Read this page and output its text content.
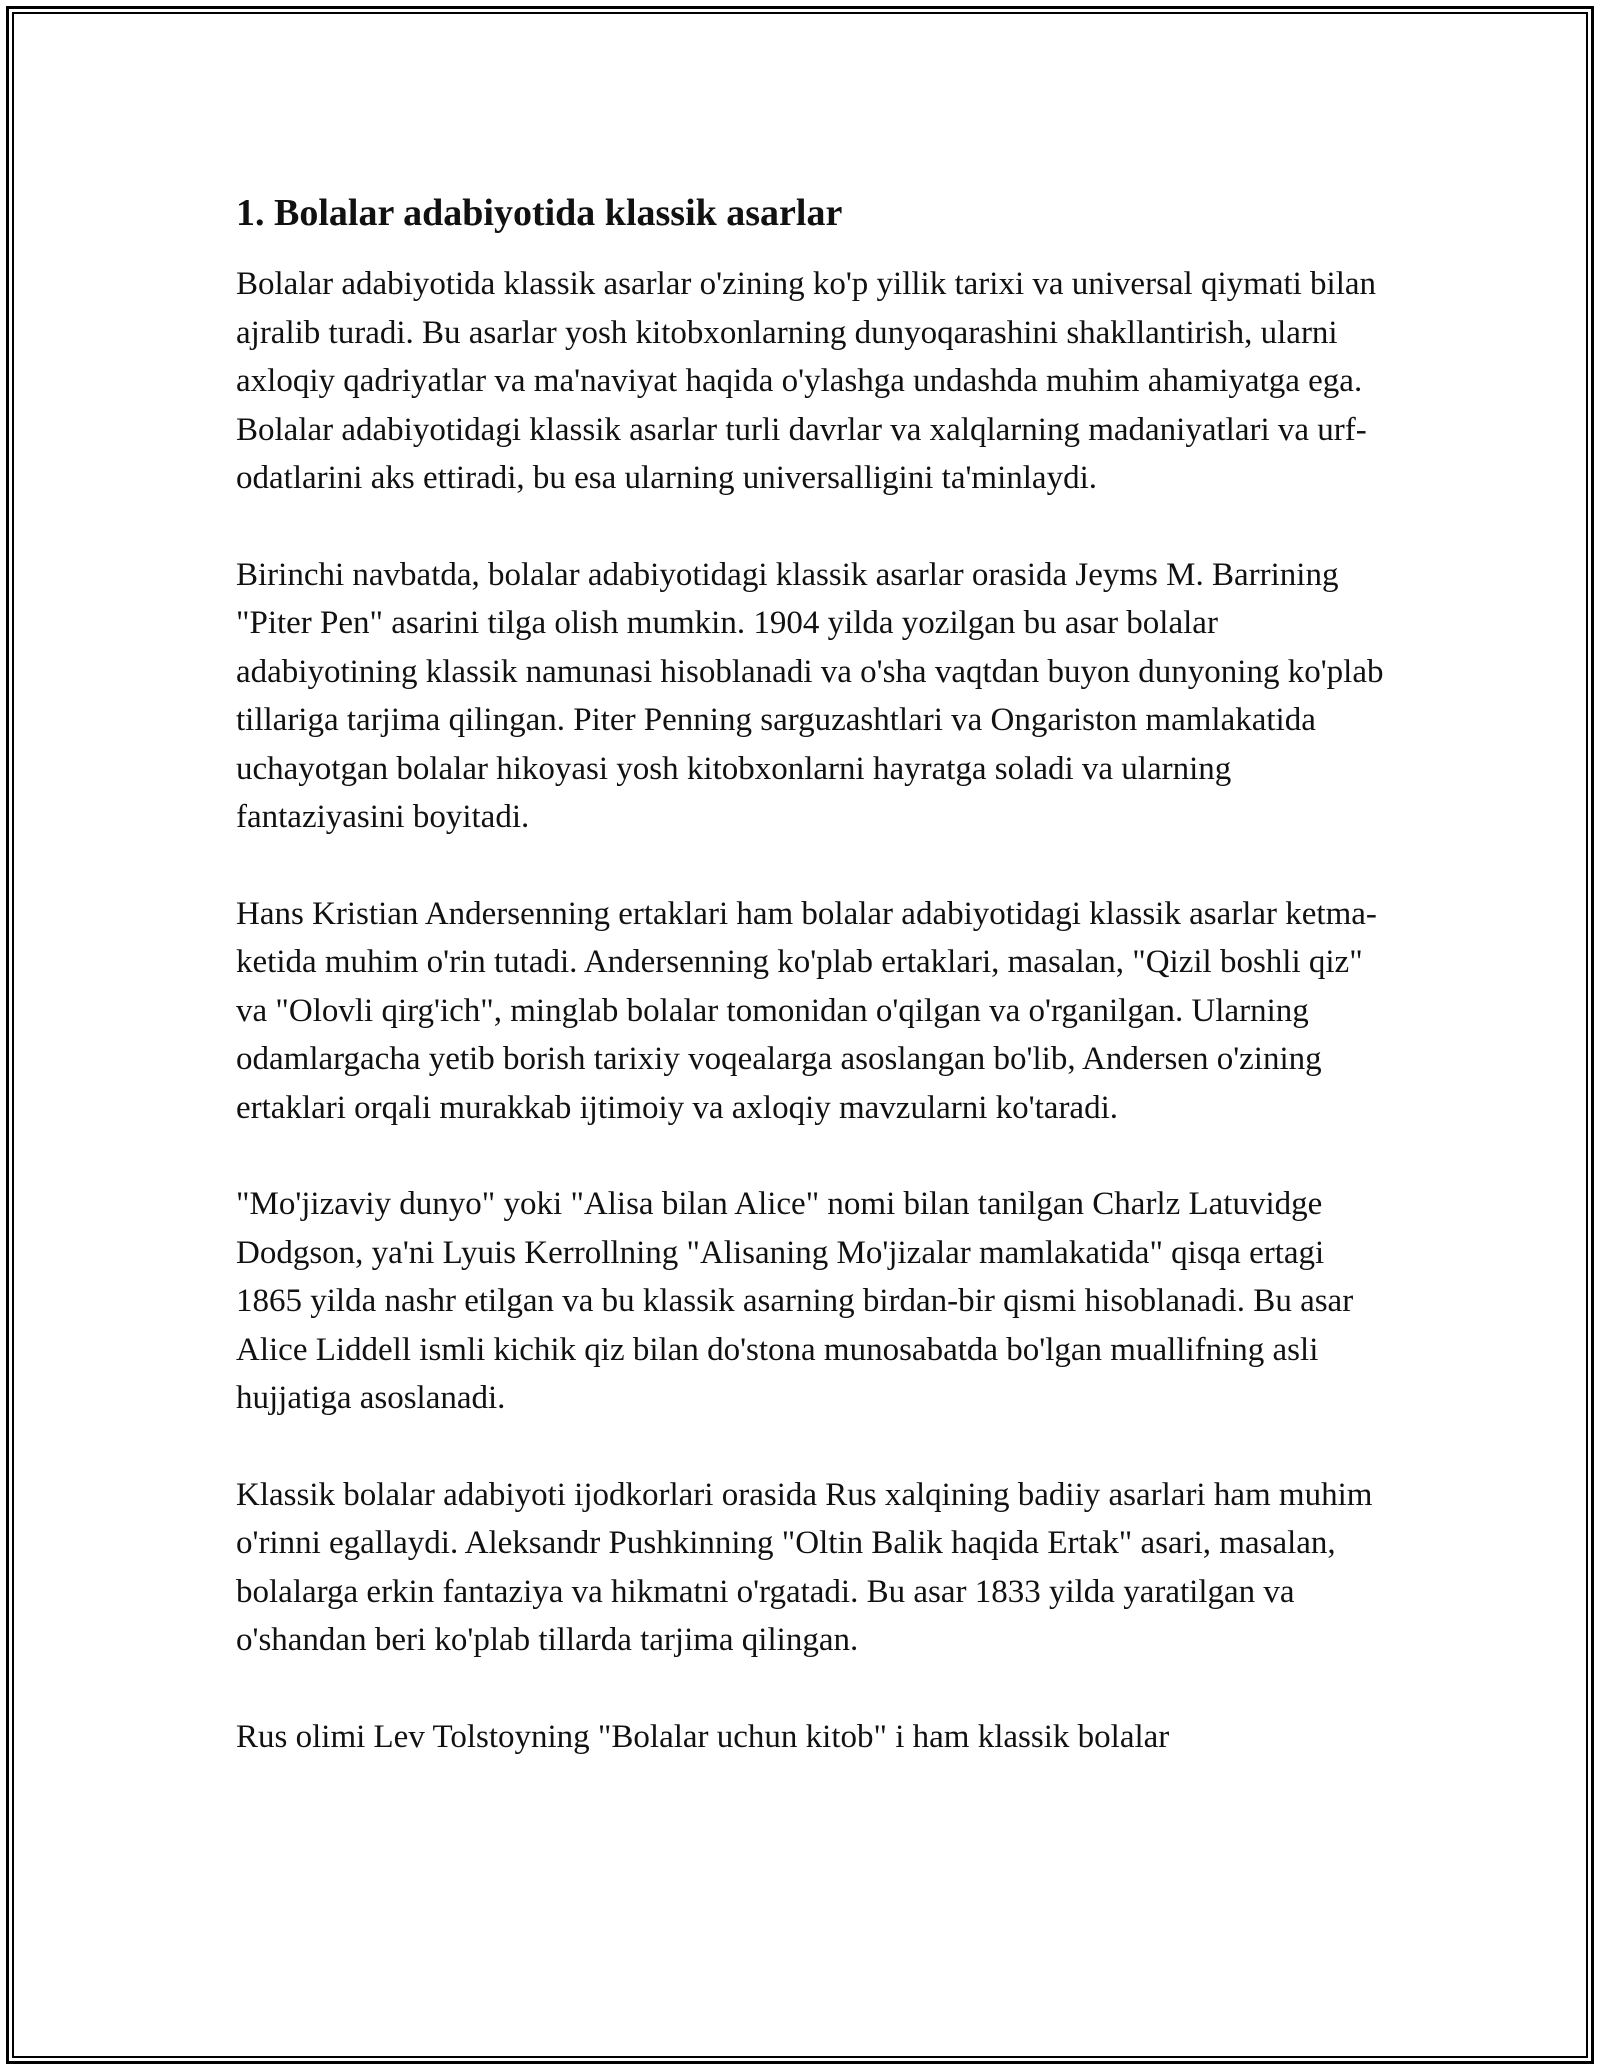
1. Bolalar adabiyotida klassik asarlar

Bolalar adabiyotida klassik asarlar o'zining ko'p yillik tarixi va universal qiymati bilan ajralib turadi. Bu asarlar yosh kitobxonlarning dunyoqarashini shakllantirish, ularni axloqiy qadriyatlar va ma'naviyat haqida o'ylashga undashda muhim ahamiyatga ega. Bolalar adabiyotidagi klassik asarlar turli davrlar va xalqlarning madaniyatlari va urf-odatlarini aks ettiradi, bu esa ularning universalligini ta'minlaydi.

Birinchi navbatda, bolalar adabiyotidagi klassik asarlar orasida Jeyms M. Barrining "Piter Pen" asarini tilga olish mumkin. 1904 yilda yozilgan bu asar bolalar adabiyotining klassik namunasi hisoblanadi va o'sha vaqtdan buyon dunyoning ko'plab tillariga tarjima qilingan. Piter Penning sarguzashtlari va Ongariston mamlakatida uchayotgan bolalar hikoyasi yosh kitobxonlarni hayratga soladi va ularning fantaziyasini boyitadi.

Hans Kristian Andersenning ertaklari ham bolalar adabiyotidagi klassik asarlar ketma-ketida muhim o'rin tutadi. Andersenning ko'plab ertaklari, masalan, "Qizil boshli qiz" va "Olovli qirg'ich", minglab bolalar tomonidan o'qilgan va o'rganilgan. Ularning odamlargacha yetib borish tarixiy voqealarga asoslangan bo'lib, Andersen o'zining ertaklari orqali murakkab ijtimoiy va axloqiy mavzularni ko'taradi.

"Mo'jizaviy dunyo" yoki "Alisa bilan Alice" nomi bilan tanilgan Charlz Latuvidge Dodgson, ya'ni Lyuis Kerrollning "Alisaning Mo'jizalar mamlakatida" qisqa ertagi 1865 yilda nashr etilgan va bu klassik asarning birdan-bir qismi hisoblanadi. Bu asar Alice Liddell ismli kichik qiz bilan do'stona munosabatda bo'lgan muallifning asli hujjatiga asoslanadi.

Klassik bolalar adabiyoti ijodkorlari orasida Rus xalqining badiiy asarlari ham muhim o'rinni egallaydi. Aleksandr Pushkinning "Oltin Balik haqida Ertak" asari, masalan, bolalarga erkin fantaziya va hikmatni o'rgatadi. Bu asar 1833 yilda yaratilgan va o'shandan beri ko'plab tillarda tarjima qilingan.

Rus olimi Lev Tolstoyning "Bolalar uchun kitob" i ham klassik bolalar
